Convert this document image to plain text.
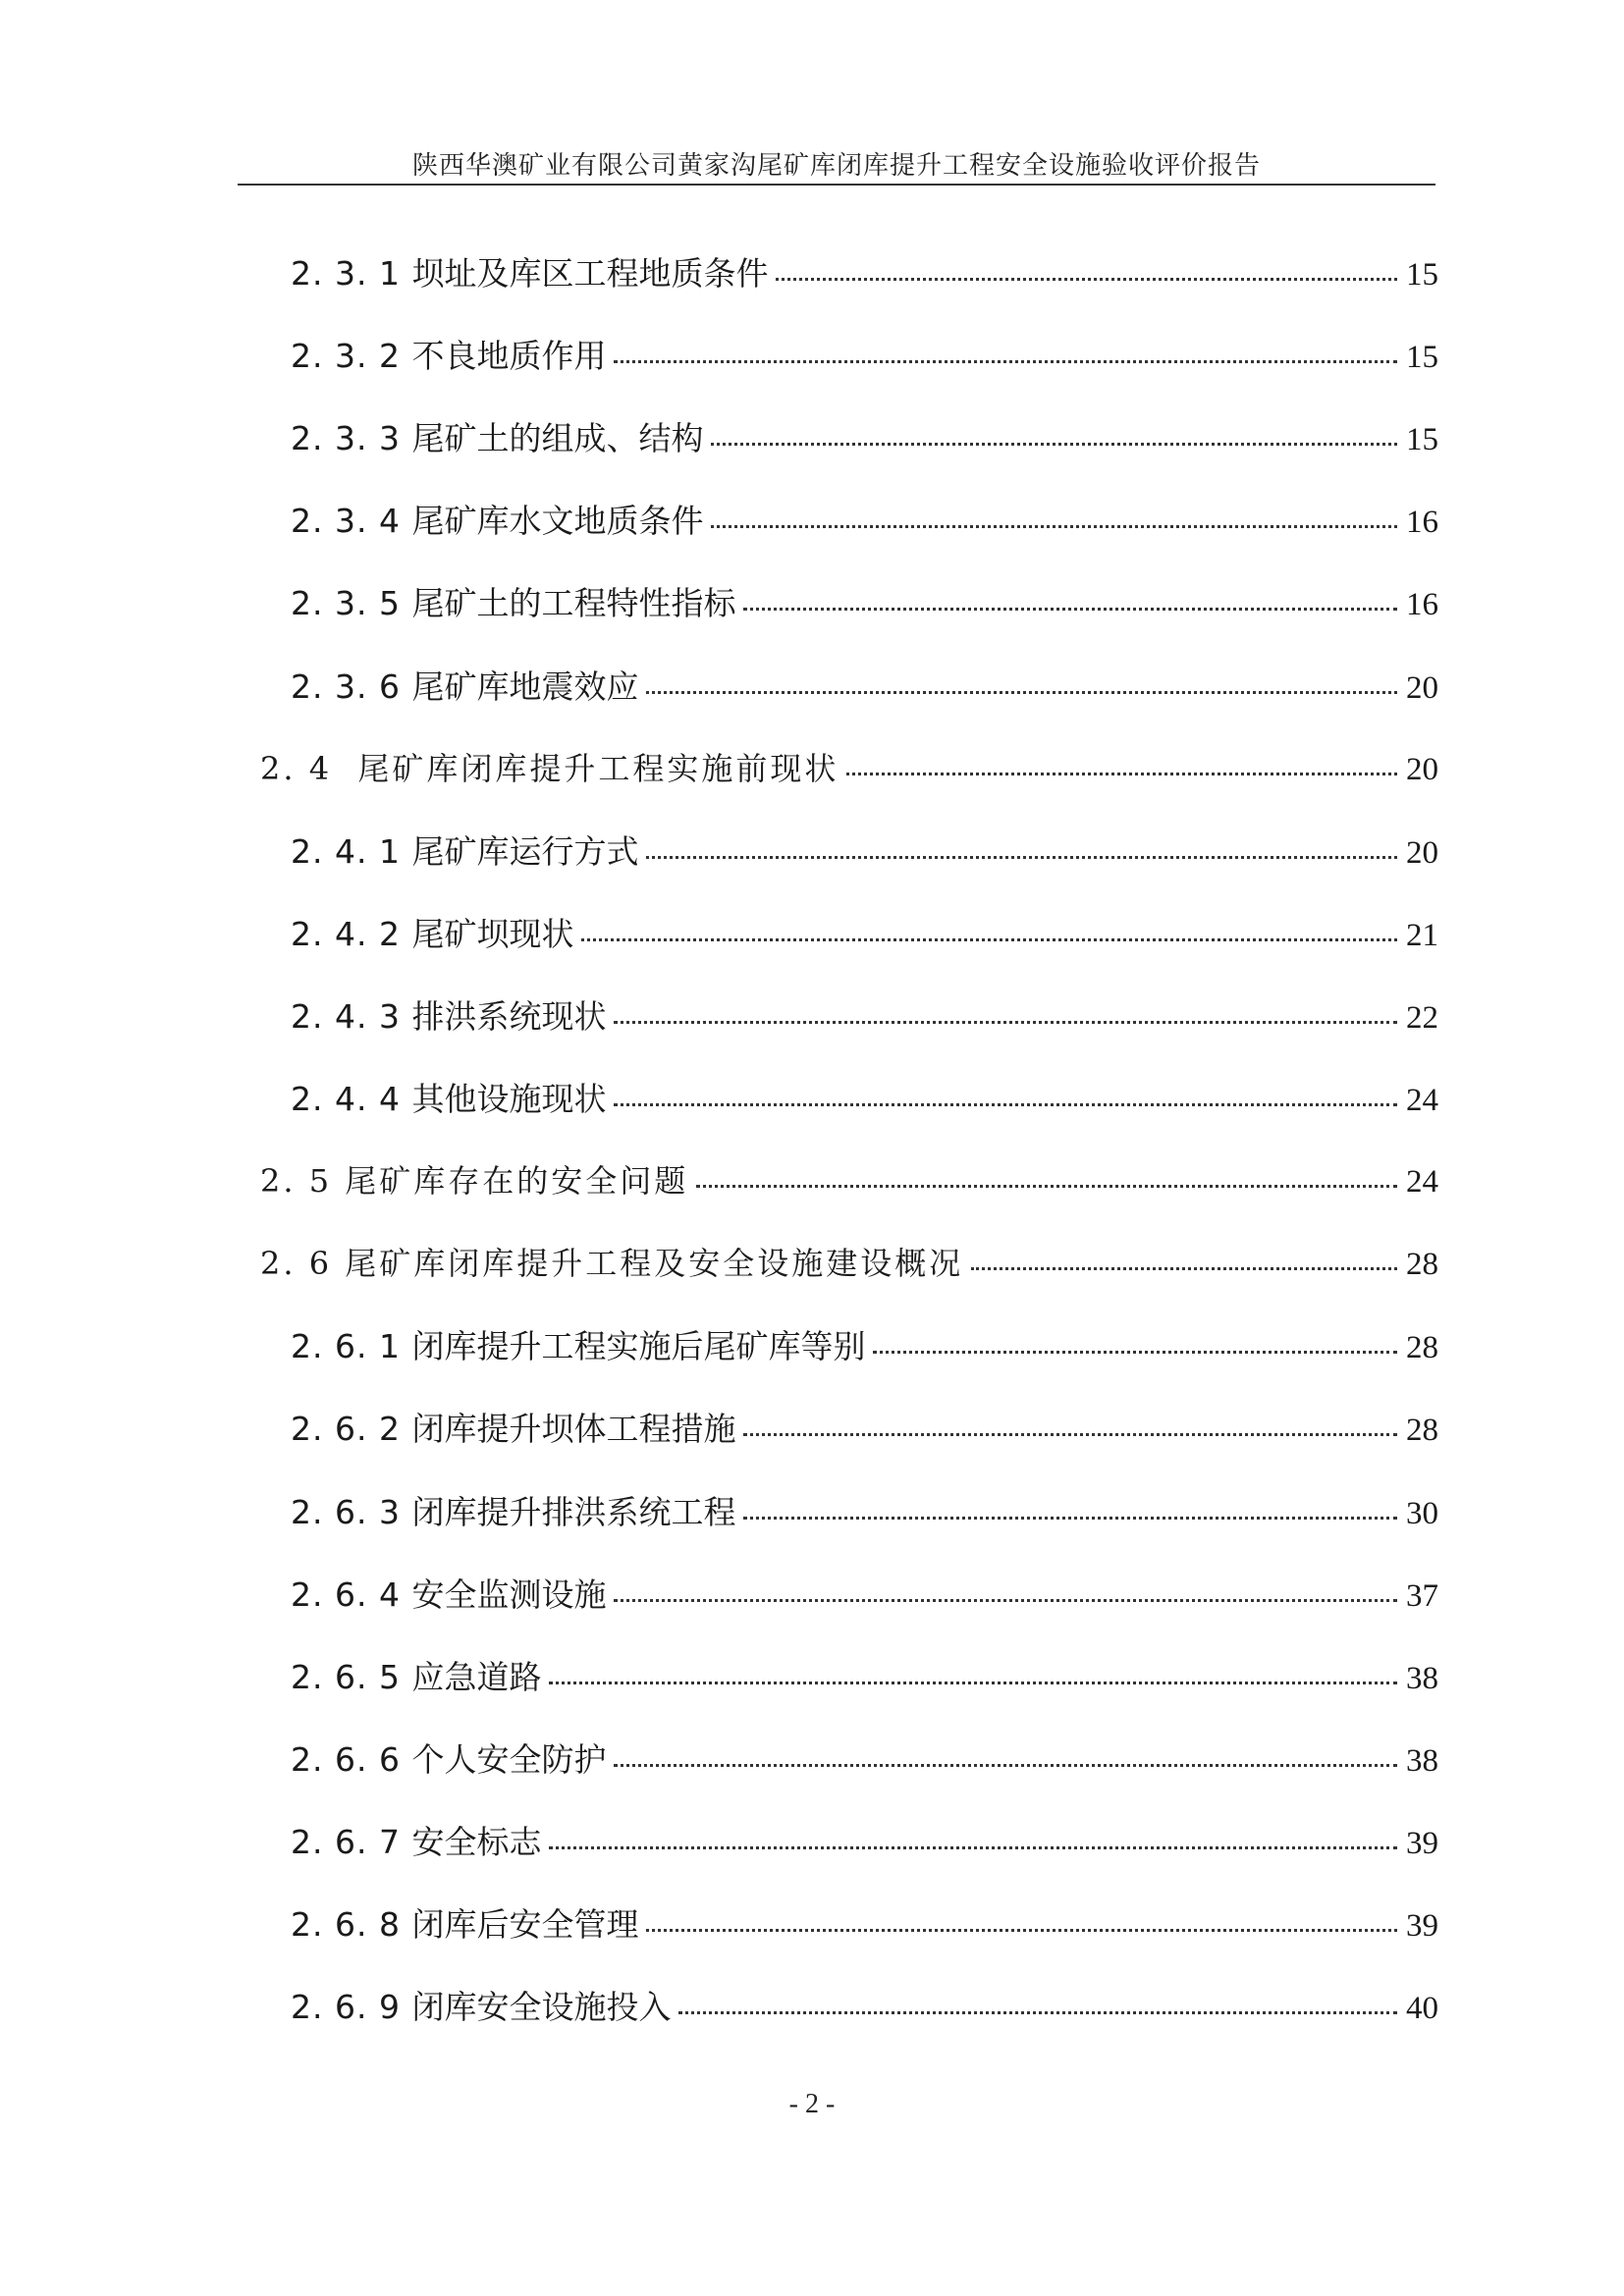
陕西华澳矿业有限公司黄家沟尾矿库闭库提升工程安全设施验收评价报告
2. 3. 1 坝址及库区工程地质条件	15
2. 3. 2 不良地质作用	15
2. 3. 3 尾矿土的组成、结构	15
2. 3. 4 尾矿库水文地质条件	16
2. 3. 5 尾矿土的工程特性指标	16
2. 3. 6 尾矿库地震效应	20
2. 4 尾矿库闭库提升工程实施前现状	20
2. 4. 1 尾矿库运行方式	20
2. 4. 2 尾矿坝现状	21
2. 4. 3 排洪系统现状	22
2. 4. 4 其他设施现状	24
2. 5 尾矿库存在的安全问题	24
2. 6 尾矿库闭库提升工程及安全设施建设概况	28
2. 6. 1 闭库提升工程实施后尾矿库等别	28
2. 6. 2 闭库提升坝体工程措施	28
2. 6. 3 闭库提升排洪系统工程	30
2. 6. 4 安全监测设施	37
2. 6. 5 应急道路	38
2. 6. 6 个人安全防护	38
2. 6. 7 安全标志	39
2. 6. 8 闭库后安全管理	39
2. 6. 9 闭库安全设施投入	40
- 2 -
